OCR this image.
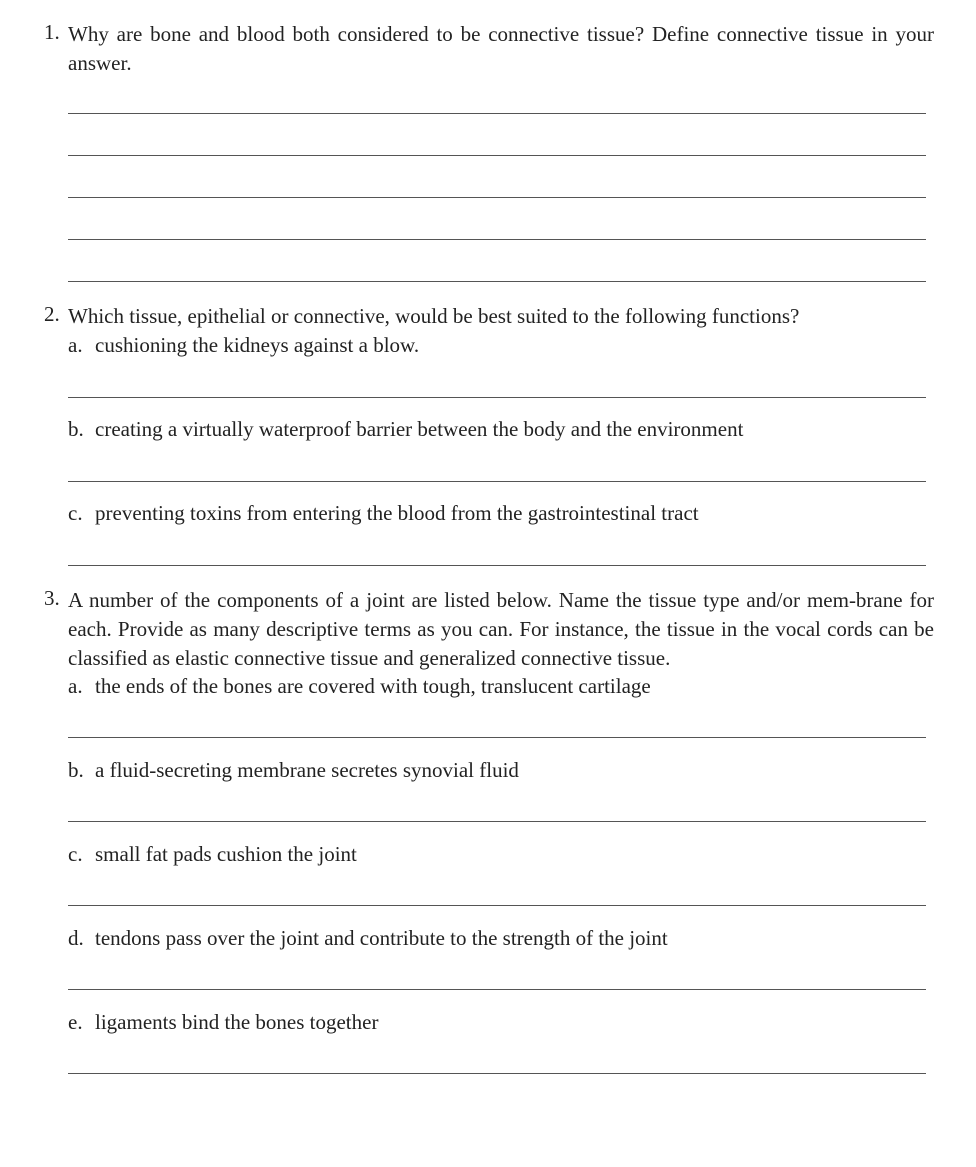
1. Why are bone and blood both considered to be connective tissue? Define connective tissue in your answer.
2. Which tissue, epithelial or connective, would be best suited to the following functions?
a. cushioning the kidneys against a blow.
b. creating a virtually waterproof barrier between the body and the environment
c. preventing toxins from entering the blood from the gastrointestinal tract
3. A number of the components of a joint are listed below. Name the tissue type and/or mem-brane for each. Provide as many descriptive terms as you can. For instance, the tissue in the vocal cords can be classified as elastic connective tissue and generalized connective tissue.
a. the ends of the bones are covered with tough, translucent cartilage
b. a fluid-secreting membrane secretes synovial fluid
c. small fat pads cushion the joint
d. tendons pass over the joint and contribute to the strength of the joint
e. ligaments bind the bones together
